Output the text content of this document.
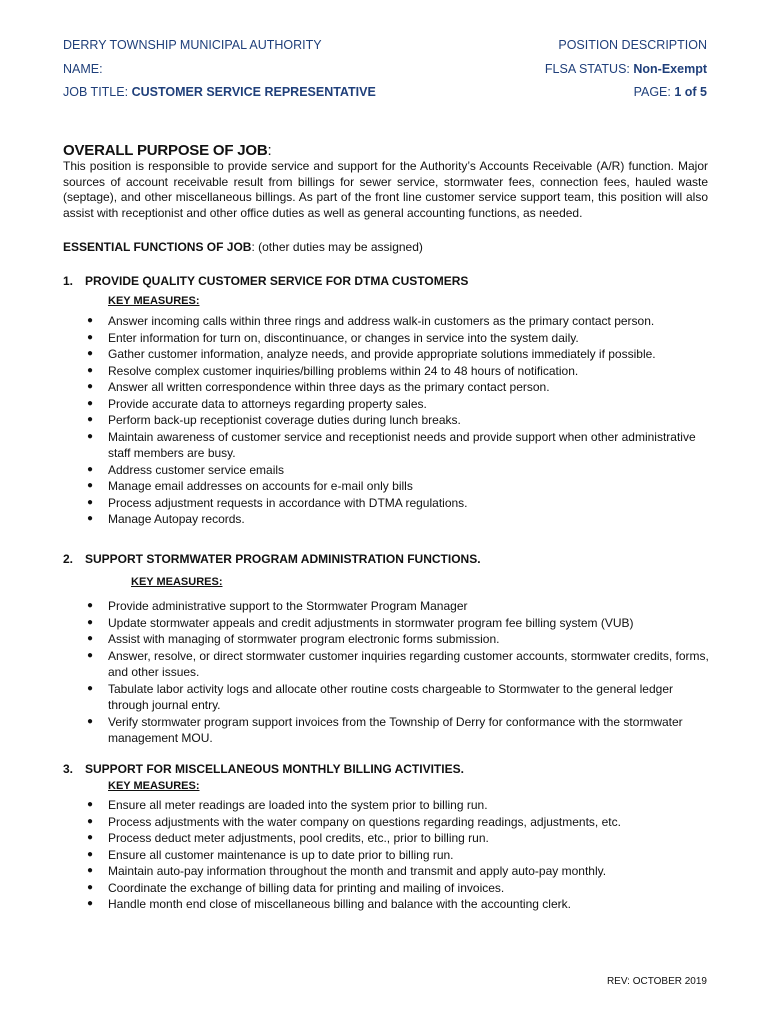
DERRY TOWNSHIP MUNICIPAL AUTHORITY	POSITION DESCRIPTION
NAME:	FLSA STATUS: Non-Exempt
JOB TITLE: CUSTOMER SERVICE REPRESENTATIVE	PAGE: 1 of 5
OVERALL PURPOSE OF JOB:
This position is responsible to provide service and support for the Authority’s Accounts Receivable (A/R) function. Major sources of account receivable result from billings for sewer service, stormwater fees, connection fees, hauled waste (septage), and other miscellaneous billings. As part of the front line customer service support team, this position will also assist with receptionist and other office duties as well as general accounting functions, as needed.
ESSENTIAL FUNCTIONS OF JOB: (other duties may be assigned)
1. PROVIDE QUALITY CUSTOMER SERVICE FOR DTMA CUSTOMERS
KEY MEASURES:
● Answer incoming calls within three rings and address walk-in customers as the primary contact person.
● Enter information for turn on, discontinuance, or changes in service into the system daily.
● Gather customer information, analyze needs, and provide appropriate solutions immediately if possible.
● Resolve complex customer inquiries/billing problems within 24 to 48 hours of notification.
● Answer all written correspondence within three days as the primary contact person.
● Provide accurate data to attorneys regarding property sales.
● Perform back-up receptionist coverage duties during lunch breaks.
● Maintain awareness of customer service and receptionist needs and provide support when other administrative staff members are busy.
● Address customer service emails
● Manage email addresses on accounts for e-mail only bills
● Process adjustment requests in accordance with DTMA regulations.
● Manage Autopay records.
2. SUPPORT STORMWATER PROGRAM ADMINISTRATION FUNCTIONS.
KEY MEASURES:
● Provide administrative support to the Stormwater Program Manager
● Update stormwater appeals and credit adjustments in stormwater program fee billing system (VUB)
● Assist with managing of stormwater program electronic forms submission.
● Answer, resolve, or direct stormwater customer inquiries regarding customer accounts, stormwater credits, forms, and other issues.
● Tabulate labor activity logs and allocate other routine costs chargeable to Stormwater to the general ledger through journal entry.
● Verify stormwater program support invoices from the Township of Derry for conformance with the stormwater management MOU.
3. SUPPORT FOR MISCELLANEOUS MONTHLY BILLING ACTIVITIES.
KEY MEASURES:
● Ensure all meter readings are loaded into the system prior to billing run.
● Process adjustments with the water company on questions regarding readings, adjustments, etc.
● Process deduct meter adjustments, pool credits, etc., prior to billing run.
● Ensure all customer maintenance is up to date prior to billing run.
● Maintain auto-pay information throughout the month and transmit and apply auto-pay monthly.
● Coordinate the exchange of billing data for printing and mailing of invoices.
● Handle month end close of miscellaneous billing and balance with the accounting clerk.
REV: OCTOBER 2019
